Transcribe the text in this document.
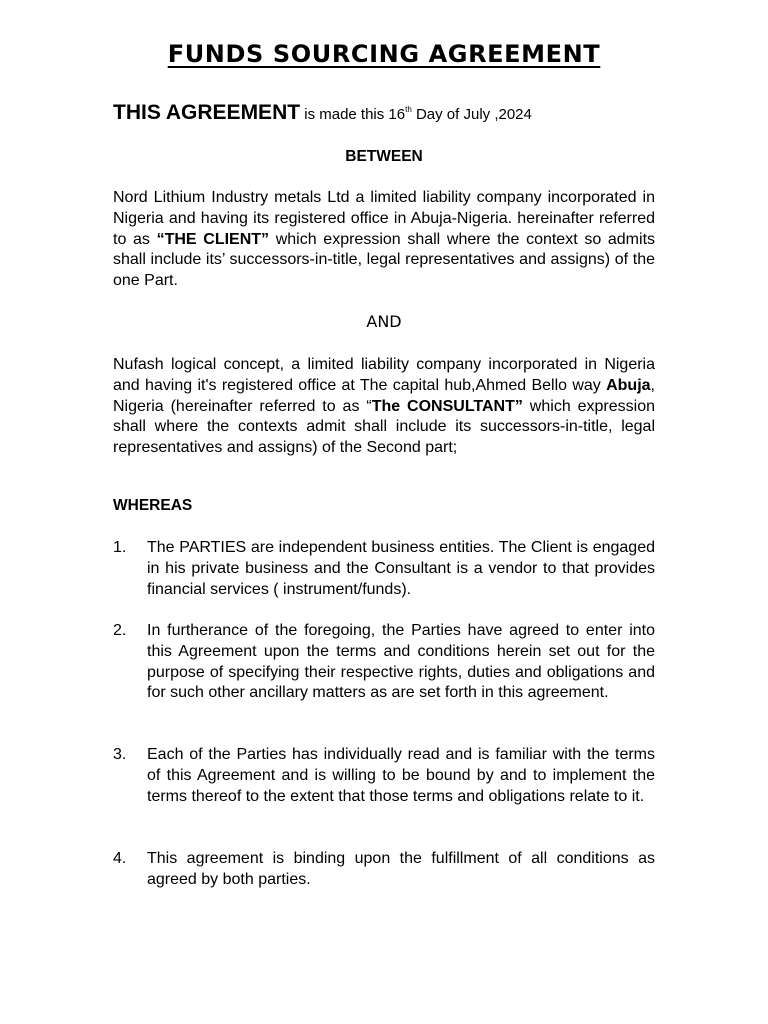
FUNDS SOURCING AGREEMENT
THIS AGREEMENT is made this 16th Day of July ,2024
BETWEEN
Nord Lithium Industry metals Ltd a limited liability company incorporated in Nigeria and having its registered office in Abuja-Nigeria. hereinafter referred to as “THE CLIENT” which expression shall where the context so admits shall include its’ successors-in-title, legal representatives and assigns) of the one Part.
AND
Nufash logical concept, a limited liability company incorporated in Nigeria and having it's registered office at The capital hub,Ahmed Bello way Abuja, Nigeria (hereinafter referred to as “The CONSULTANT” which expression shall where the contexts admit shall include its successors-in-title, legal representatives and assigns) of the Second part;
WHEREAS
1.	The PARTIES are independent business entities. The Client is engaged in his private business and the Consultant is a vendor to that provides financial services ( instrument/funds).
2.	In furtherance of the foregoing, the Parties have agreed to enter into this Agreement upon the terms and conditions herein set out for the purpose of specifying their respective rights, duties and obligations and for such other ancillary matters as are set forth in this agreement.
3.	Each of the Parties has individually read and is familiar with the terms of this Agreement and is willing to be bound by and to implement the terms thereof to the extent that those terms and obligations relate to it.
4.	This agreement is binding upon the fulfillment of all conditions as agreed by both parties.
